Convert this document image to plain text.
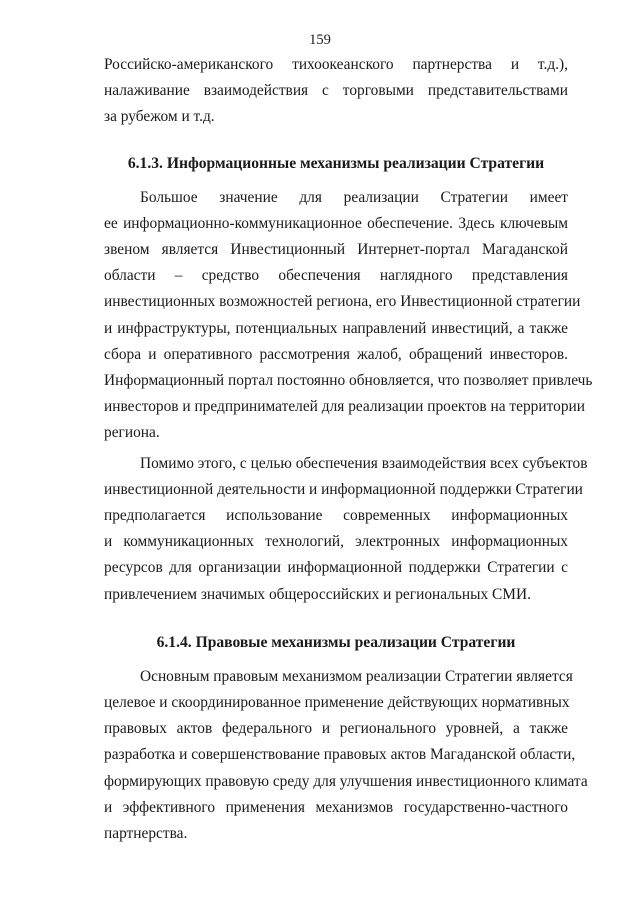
159

Российско-американского тихоокеанского партнерства и т.д.),
налаживание взаимодействия с торговыми представительствами
за рубежом и т.д.

6.1.3. Информационные механизмы реализации Стратегии

Большое значение для реализации Стратегии имеет
ее информационно-коммуникационное обеспечение. Здесь ключевым
звеном является Инвестиционный Интернет-портал Магаданской
области – средство обеспечения наглядного представления
инвестиционных возможностей региона, его Инвестиционной стратегии
и инфраструктуры, потенциальных направлений инвестиций, а также
сбора и оперативного рассмотрения жалоб, обращений инвесторов.
Информационный портал постоянно обновляется, что позволяет привлечь
инвесторов и предпринимателей для реализации проектов на территории
региона.

Помимо этого, с целью обеспечения взаимодействия всех субъектов
инвестиционной деятельности и информационной поддержки Стратегии
предполагается использование современных информационных
и коммуникационных технологий, электронных информационных
ресурсов для организации информационной поддержки Стратегии с
привлечением значимых общероссийских и региональных СМИ.

6.1.4. Правовые механизмы реализации Стратегии

Основным правовым механизмом реализации Стратегии является
целевое и скоординированное применение действующих нормативных
правовых актов федерального и регионального уровней, а также
разработка и совершенствование правовых актов Магаданской области,
формирующих правовую среду для улучшения инвестиционного климата
и эффективного применения механизмов государственно-частного
партнерства.
